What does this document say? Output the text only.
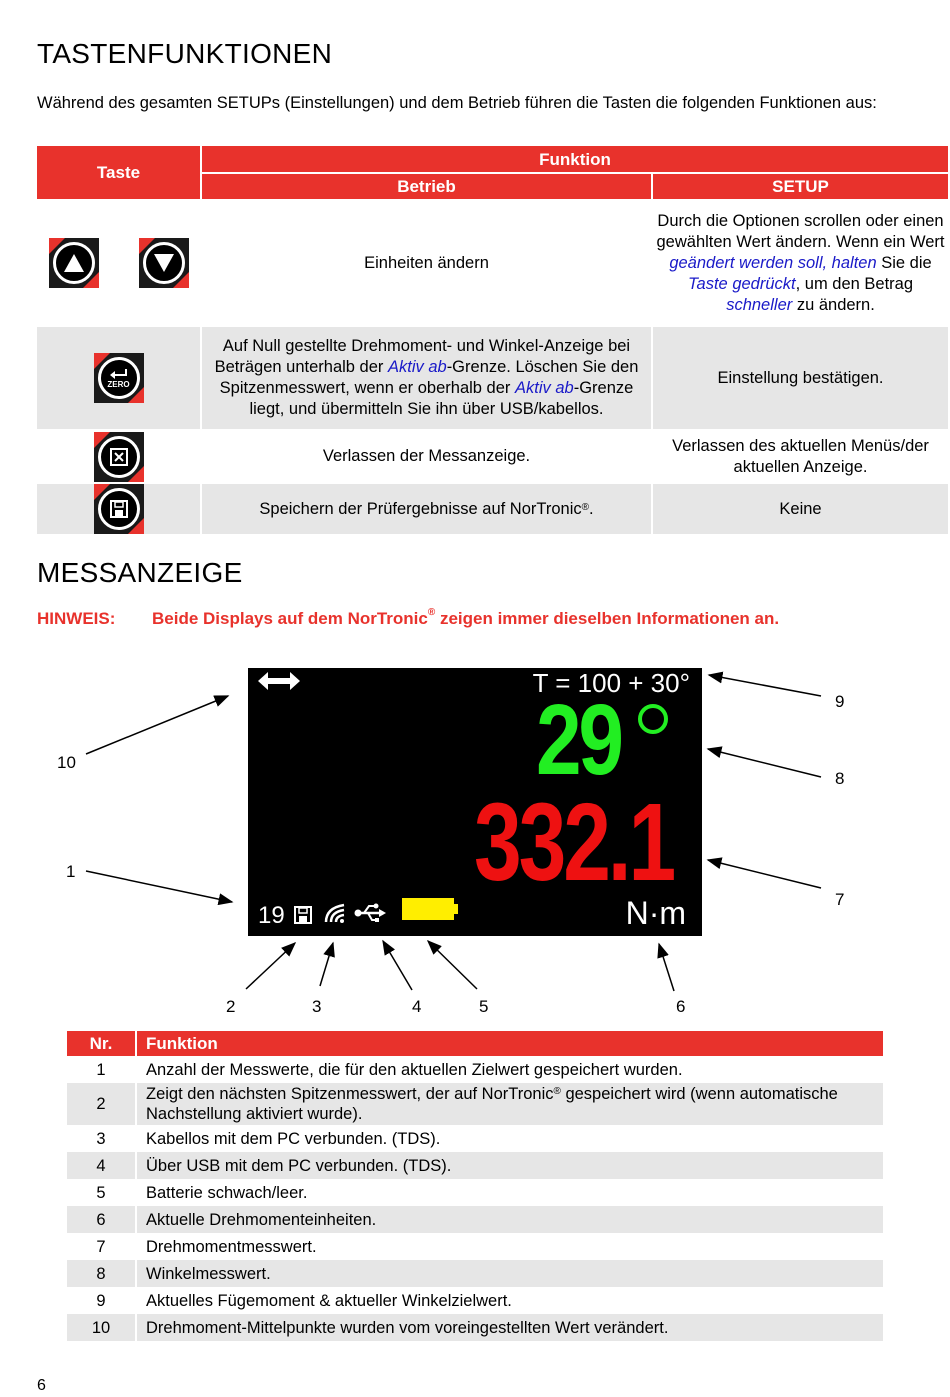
TASTENFUNKTIONEN
Während des gesamten SETUPs (Einstellungen) und dem Betrieb führen die Tasten die folgenden Funktionen aus:
Taste	Funktion	
	Betrieb	SETUP

	Einheiten ändern	Durch die Optionen scrollen oder einen gewählten Wert ändern. Wenn ein Wert geändert werden soll, halten Sie die Taste gedrückt, um den Betrag schneller zu ändern.

ZERO	Auf Null gestellte Drehmoment- und Winkel-Anzeige bei Beträgen unterhalb der Aktiv ab-Grenze. Löschen Sie den Spitzenmesswert, wenn er oberhalb der Aktiv ab-Grenze liegt, und übermitteln Sie ihn über USB/kabellos.	Einstellung bestätigen.

	Verlassen der Messanzeige.	Verlassen des aktuellen Menüs/der aktuellen Anzeige.

	Speichern der Prüfergebnisse auf NorTronic®.	Keine
MESSANZEIGE
HINWEIS: Beide Displays auf dem NorTronic® zeigen immer dieselben Informationen an.
T = 100 + 30°
29
332.1
19	N·m
1
2	3	4	5	6
7
8
9
10
Nr.	Funktion
1	Anzahl der Messwerte, die für den aktuellen Zielwert gespeichert wurden.
2	Zeigt den nächsten Spitzenmesswert, der auf NorTronic® gespeichert wird (wenn automatische Nachstellung aktiviert wurde).
3	Kabellos mit dem PC verbunden. (TDS).
4	Über USB mit dem PC verbunden. (TDS).
5	Batterie schwach/leer.
6	Aktuelle Drehmomenteinheiten.
7	Drehmomentmesswert.
8	Winkelmesswert.
9	Aktuelles Fügemoment & aktueller Winkelzielwert.
10	Drehmoment-Mittelpunkte wurden vom voreingestellten Wert verändert.
6
